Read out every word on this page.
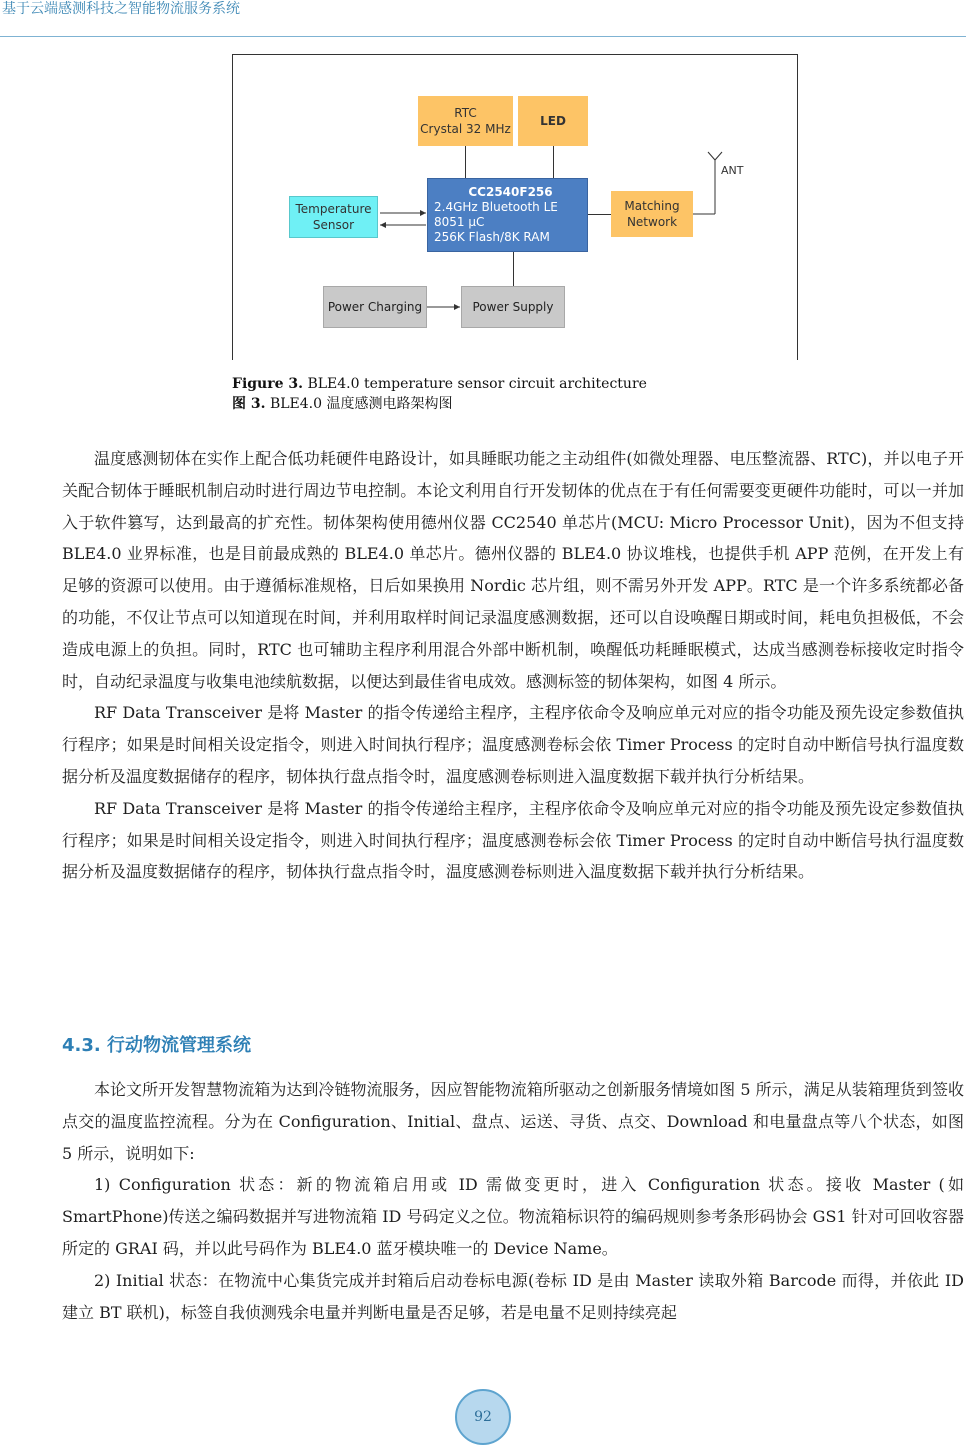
基于云端感测科技之智能物流服务系统
RTC
Crystal 32 MHz
LED
CC2540F256
2.4GHz Bluetooth LE
8051 µC
256K Flash/8K RAM
Temperature
Sensor
Matching
Network
ANT
Power Charging	Power Supply
Figure 3. BLE4.0 temperature sensor circuit architecture
图 3. BLE4.0 温度感测电路架构图

温度感测韧体在实作上配合低功耗硬件电路设计，如具睡眠功能之主动组件(如微处理器、电压整流器、RTC)，并以电子开关配合韧体于睡眠机制启动时进行周边节电控制。本论文利用自行开发韧体的优点在于有任何需要变更硬件功能时，可以一并加入于软件篡写，达到最高的扩充性。韧体架构使用德州仪器 CC2540 单芯片(MCU: Micro Processor Unit)，因为不但支持 BLE4.0 业界标准，也是目前最成熟的 BLE4.0 单芯片。德州仪器的 BLE4.0 协议堆栈，也提供手机 APP 范例，在开发上有足够的资源可以使用。由于遵循标准规格，日后如果换用 Nordic 芯片组，则不需另外开发 APP。RTC 是一个许多系统都必备的功能，不仅让节点可以知道现在时间，并利用取样时间记录温度感测数据，还可以自设唤醒日期或时间，耗电负担极低，不会造成电源上的负担。同时，RTC 也可辅助主程序利用混合外部中断机制，唤醒低功耗睡眠模式，达成当感测卷标接收定时指令时，自动纪录温度与收集电池续航数据，以便达到最佳省电成效。感测标签的韧体架构，如图 4 所示。

RF Data Transceiver 是将 Master 的指令传递给主程序，主程序依命令及响应单元对应的指令功能及预先设定参数值执行程序；如果是时间相关设定指令，则进入时间执行程序；温度感测卷标会依 Timer Process 的定时自动中断信号执行温度数据分析及温度数据储存的程序，韧体执行盘点指令时，温度感测卷标则进入温度数据下载并执行分析结果。

RF Data Transceiver 是将 Master 的指令传递给主程序，主程序依命令及响应单元对应的指令功能及预先设定参数值执行程序；如果是时间相关设定指令，则进入时间执行程序；温度感测卷标会依 Timer Process 的定时自动中断信号执行温度数据分析及温度数据储存的程序，韧体执行盘点指令时，温度感测卷标则进入温度数据下载并执行分析结果。

4.3. 行动物流管理系统

本论文所开发智慧物流箱为达到冷链物流服务，因应智能物流箱所驱动之创新服务情境如图 5 所示，满足从装箱理货到签收点交的温度监控流程。分为在 Configuration、Initial、盘点、运送、寻货、点交、Download 和电量盘点等八个状态，如图 5 所示，说明如下:

1) Configuration 状态：新的物流箱启用或 ID 需做变更时，进入 Configuration 状态。接收 Master (如 SmartPhone)传送之编码数据并写进物流箱 ID 号码定义之位。物流箱标识符的编码规则参考条形码协会 GS1 针对可回收容器所定的 GRAI 码，并以此号码作为 BLE4.0 蓝牙模块唯一的 Device Name。

2) Initial 状态：在物流中心集货完成并封箱后启动卷标电源(卷标 ID 是由 Master 读取外箱 Barcode 而得，并依此 ID 建立 BT 联机)，标签自我侦测残余电量并判断电量是否足够，若是电量不足则持续亮起

92
